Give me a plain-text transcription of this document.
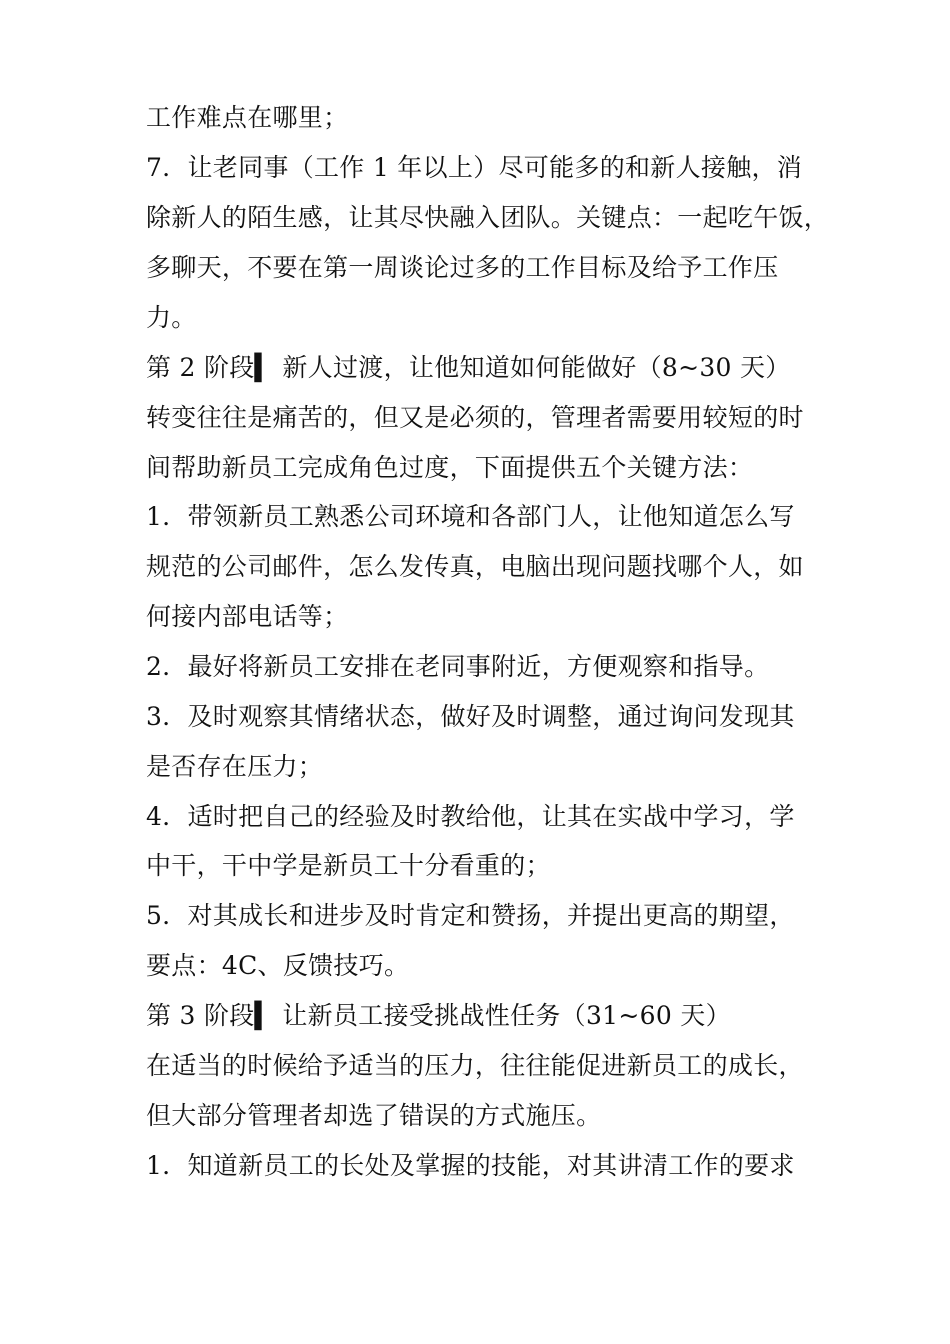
工作难点在哪里；
7．让老同事（工作 1 年以上）尽可能多的和新人接触，消
除新人的陌生感，让其尽快融入团队。关键点：一起吃午饭，
多聊天，不要在第一周谈论过多的工作目标及给予工作压
力。
第 2 阶段▍ 新人过渡，让他知道如何能做好（8~30 天）
转变往往是痛苦的，但又是必须的，管理者需要用较短的时
间帮助新员工完成角色过度，下面提供五个关键方法：
1．带领新员工熟悉公司环境和各部门人，让他知道怎么写
规范的公司邮件，怎么发传真，电脑出现问题找哪个人，如
何接内部电话等；
2．最好将新员工安排在老同事附近，方便观察和指导。
3．及时观察其情绪状态，做好及时调整，通过询问发现其
是否存在压力；
4．适时把自己的经验及时教给他，让其在实战中学习，学
中干，干中学是新员工十分看重的；
5．对其成长和进步及时肯定和赞扬，并提出更高的期望，
要点：4C、反馈技巧。
第 3 阶段▍ 让新员工接受挑战性任务（31~60 天）
在适当的时候给予适当的压力，往往能促进新员工的成长，
但大部分管理者却选了错误的方式施压。
1．知道新员工的长处及掌握的技能，对其讲清工作的要求
